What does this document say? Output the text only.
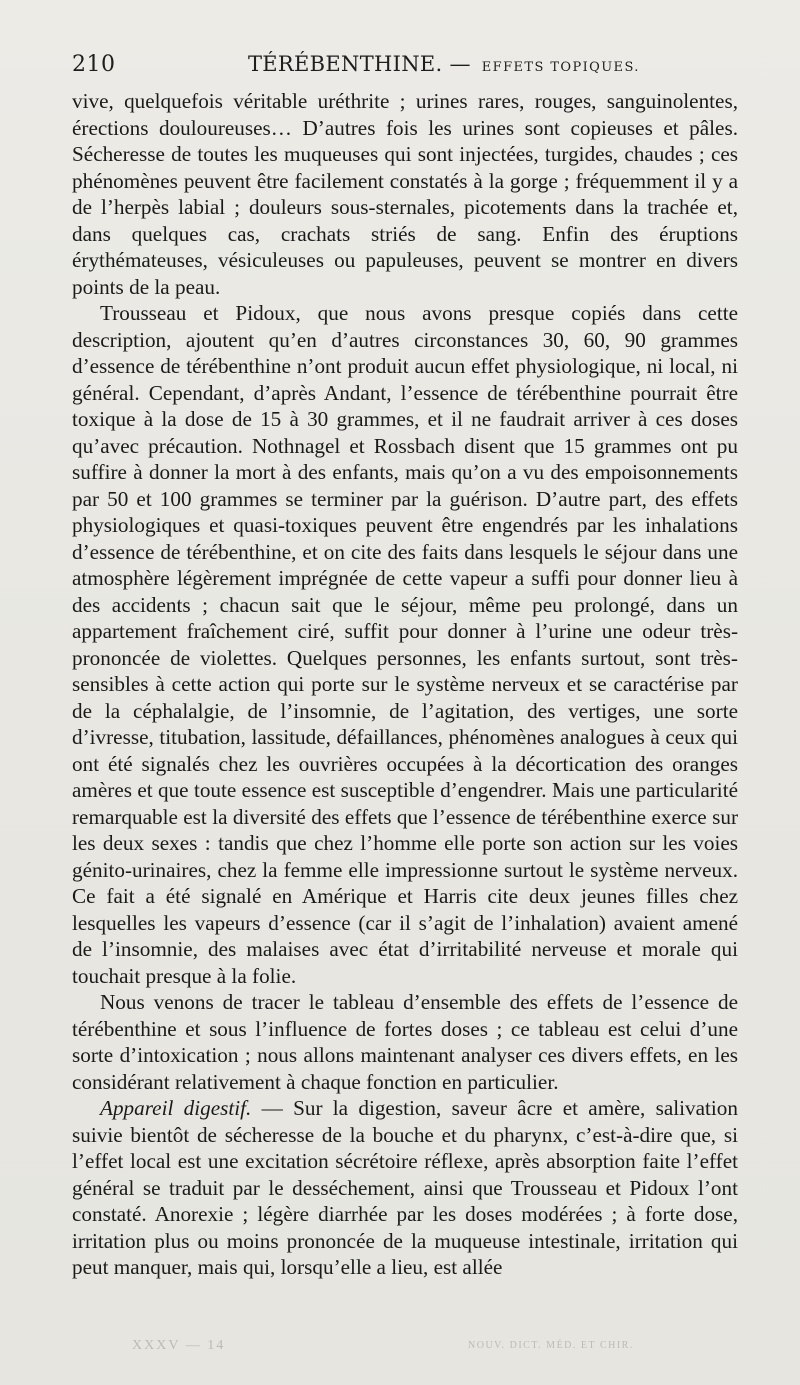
210	TÉRÉBENTHINE. — EFFETS TOPIQUES.

vive, quelquefois véritable uréthrite ; urines rares, rouges, sanguinolentes, érections douloureuses… D’autres fois les urines sont copieuses et pâles. Sécheresse de toutes les muqueuses qui sont injectées, turgides, chaudes ; ces phénomènes peuvent être facilement constatés à la gorge ; fréquemment il y a de l’herpès labial ; douleurs sous-sternales, picotements dans la trachée et, dans quelques cas, crachats striés de sang. Enfin des éruptions érythémateuses, vésiculeuses ou papuleuses, peuvent se montrer en divers points de la peau.

Trousseau et Pidoux, que nous avons presque copiés dans cette description, ajoutent qu’en d’autres circonstances 30, 60, 90 grammes d’essence de térébenthine n’ont produit aucun effet physiologique, ni local, ni général. Cependant, d’après Andant, l’essence de térébenthine pourrait être toxique à la dose de 15 à 30 grammes, et il ne faudrait arriver à ces doses qu’avec précaution. Nothnagel et Rossbach disent que 15 grammes ont pu suffire à donner la mort à des enfants, mais qu’on a vu des empoisonnements par 50 et 100 grammes se terminer par la guérison. D’autre part, des effets physiologiques et quasi-toxiques peuvent être engendrés par les inhalations d’essence de térébenthine, et on cite des faits dans lesquels le séjour dans une atmosphère légèrement imprégnée de cette vapeur a suffi pour donner lieu à des accidents ; chacun sait que le séjour, même peu prolongé, dans un appartement fraîchement ciré, suffit pour donner à l’urine une odeur très-prononcée de violettes. Quelques personnes, les enfants surtout, sont très-sensibles à cette action qui porte sur le système nerveux et se caractérise par de la céphalalgie, de l’insomnie, de l’agitation, des vertiges, une sorte d’ivresse, titubation, lassitude, défaillances, phénomènes analogues à ceux qui ont été signalés chez les ouvrières occupées à la décortication des oranges amères et que toute essence est susceptible d’engendrer. Mais une particularité remarquable est la diversité des effets que l’essence de térébenthine exerce sur les deux sexes : tandis que chez l’homme elle porte son action sur les voies génito-urinaires, chez la femme elle impressionne surtout le système nerveux. Ce fait a été signalé en Amérique et Harris cite deux jeunes filles chez lesquelles les vapeurs d’essence (car il s’agit de l’inhalation) avaient amené de l’insomnie, des malaises avec état d’irritabilité nerveuse et morale qui touchait presque à la folie.

Nous venons de tracer le tableau d’ensemble des effets de l’essence de térébenthine et sous l’influence de fortes doses ; ce tableau est celui d’une sorte d’intoxication ; nous allons maintenant analyser ces divers effets, en les considérant relativement à chaque fonction en particulier.

Appareil digestif. — Sur la digestion, saveur âcre et amère, salivation suivie bientôt de sécheresse de la bouche et du pharynx, c’est-à-dire que, si l’effet local est une excitation sécrétoire réflexe, après absorption faite l’effet général se traduit par le desséchement, ainsi que Trousseau et Pidoux l’ont constaté. Anorexie ; légère diarrhée par les doses modérées ; à forte dose, irritation plus ou moins prononcée de la muqueuse intestinale, irritation qui peut manquer, mais qui, lorsqu’elle a lieu, est allée

XXXV — 14	NOUV. DICT. MÉD. ET CHIR.
